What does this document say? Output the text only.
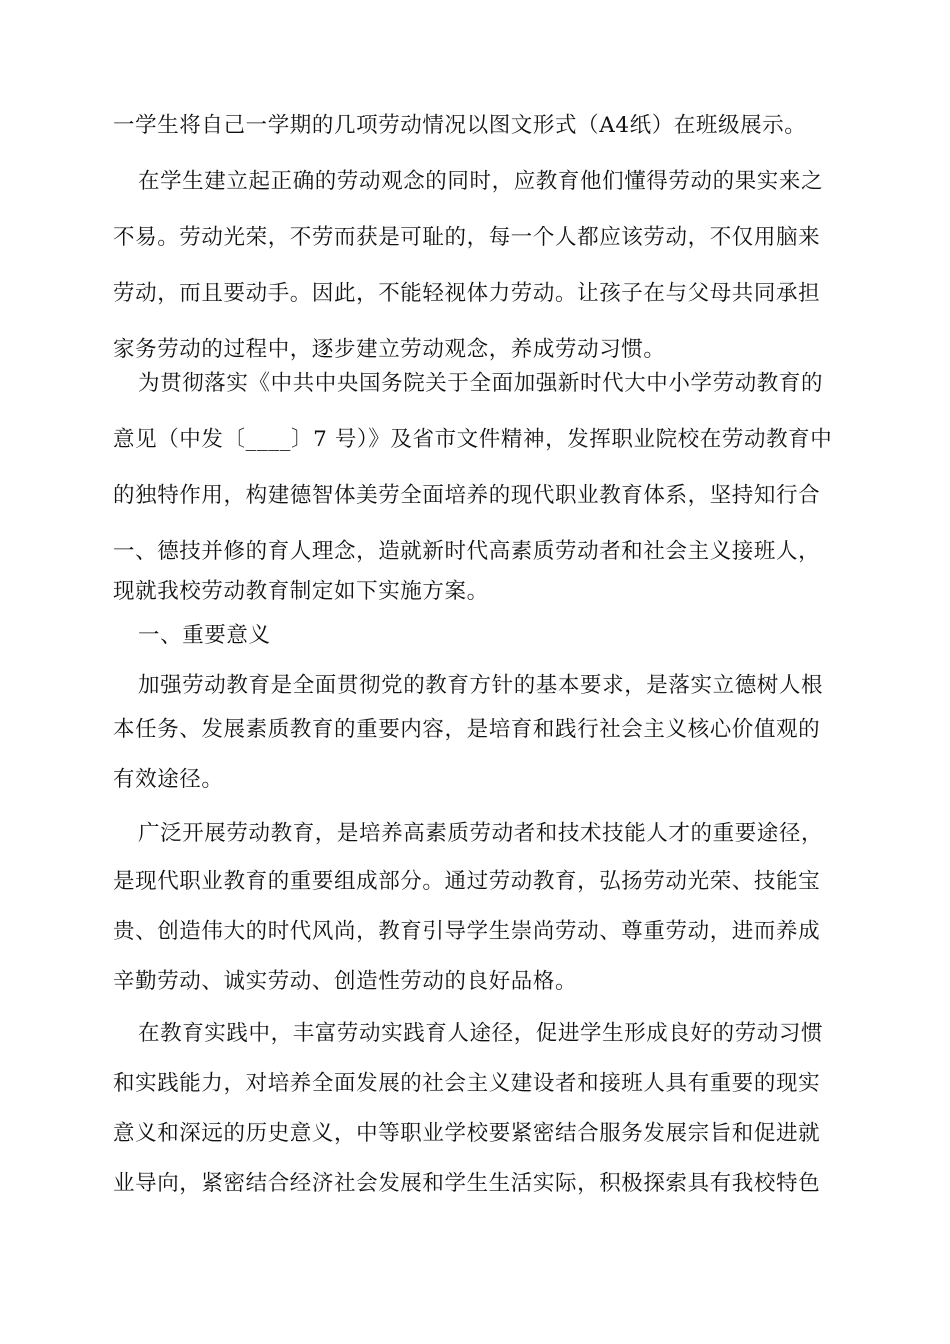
一学生将自己一学期的几项劳动情况以图文形式（A4纸）在班级展示。
在学生建立起正确的劳动观念的同时，应教育他们懂得劳动的果实来之
不易。劳动光荣，不劳而获是可耻的，每一个人都应该劳动，不仅用脑来
劳动，而且要动手。因此，不能轻视体力劳动。让孩子在与父母共同承担
家务劳动的过程中，逐步建立劳动观念，养成劳动习惯。
为贯彻落实《中共中央国务院关于全面加强新时代大中小学劳动教育的
意见（中发〔____〕7 号）》及省市文件精神，发挥职业院校在劳动教育中
的独特作用，构建德智体美劳全面培养的现代职业教育体系，坚持知行合
一、德技并修的育人理念，造就新时代高素质劳动者和社会主义接班人，
现就我校劳动教育制定如下实施方案。
一、重要意义
加强劳动教育是全面贯彻党的教育方针的基本要求，是落实立德树人根
本任务、发展素质教育的重要内容，是培育和践行社会主义核心价值观的
有效途径。
广泛开展劳动教育，是培养高素质劳动者和技术技能人才的重要途径，
是现代职业教育的重要组成部分。通过劳动教育，弘扬劳动光荣、技能宝
贵、创造伟大的时代风尚，教育引导学生崇尚劳动、尊重劳动，进而养成
辛勤劳动、诚实劳动、创造性劳动的良好品格。
在教育实践中，丰富劳动实践育人途径，促进学生形成良好的劳动习惯
和实践能力，对培养全面发展的社会主义建设者和接班人具有重要的现实
意义和深远的历史意义，中等职业学校要紧密结合服务发展宗旨和促进就
业导向，紧密结合经济社会发展和学生生活实际，积极探索具有我校特色
